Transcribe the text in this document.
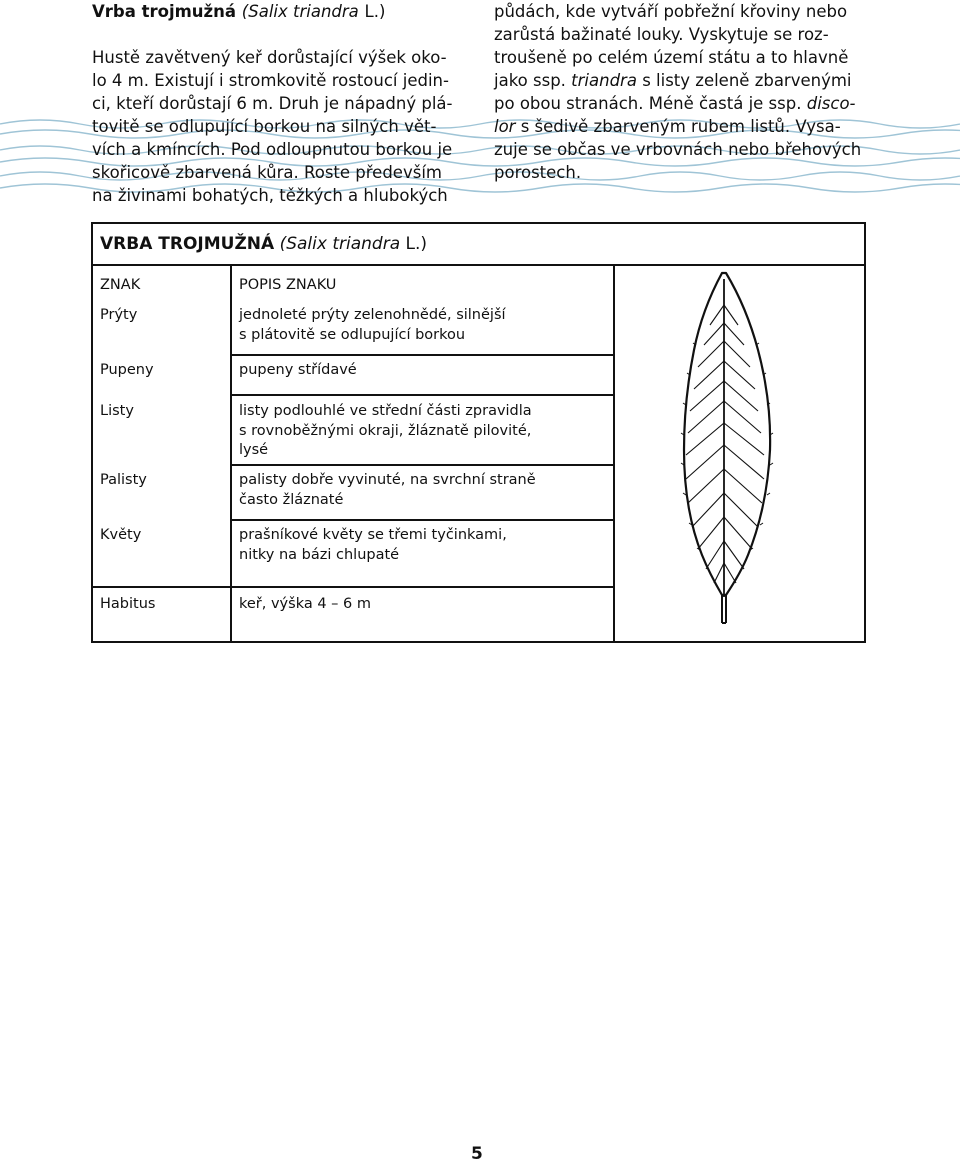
Vrba trojmužná (Salix triandra L.)

Hustě zavětvený keř dorůstající výšek oko-
lo 4 m. Existují i stromkovitě rostoucí jedin-
ci, kteří dorůstají 6 m. Druh je nápadný plá-
tovitě se odlupující borkou na silných vět-
vích a kmíncích. Pod odloupnutou borkou je
skořicově zbarvená kůra. Roste především
na živinami bohatých, těžkých a hlubokých
půdách, kde vytváří pobřežní křoviny nebo
zarůstá bažinaté louky. Vyskytuje se roz-
troušeně po celém území státu a to hlavně
jako ssp. triandra s listy zeleně zbarvenými
po obou stranách. Méně častá je ssp. disco-
lor s šedivě zbarveným rubem listů. Vysa-
zuje se občas ve vrbovnách nebo břehových
porostech.
VRBA TROJMUŽNÁ (Salix triandra L.)
ZNAK	POPIS ZNAKU
Prýty	jednoleté prýty zelenohnědé, silnější
s plátovitě se odlupující borkou
Pupeny	pupeny střídavé
Listy	listy podlouhlé ve střední části zpravidla
s rovnoběžnými okraji, žláznatě pilovité,
lysé
Palisty	palisty dobře vyvinuté, na svrchní straně
často žláznaté
Květy	prašníkové květy se třemi tyčinkami,
nitky na bázi chlupaté
Habitus	keř, výška 4 – 6 m
5
